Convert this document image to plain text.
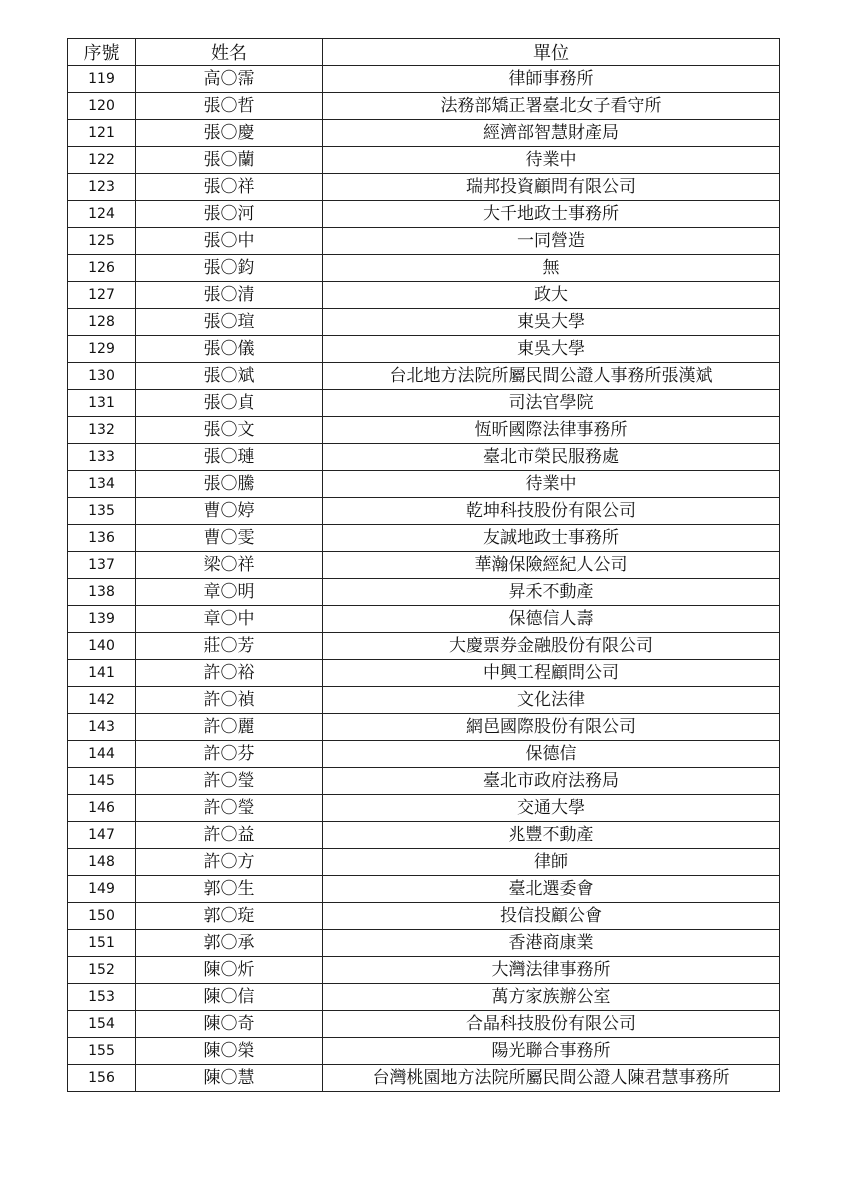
序號	姓名	單位
119	高〇霈	律師事務所
120	張〇哲	法務部矯正署臺北女子看守所
121	張〇慶	經濟部智慧財產局
122	張〇蘭	待業中
123	張〇祥	瑞邦投資顧問有限公司
124	張〇河	大千地政士事務所
125	張〇中	一同營造
126	張〇鈞	無
127	張〇清	政大
128	張〇瑄	東吳大學
129	張〇儀	東吳大學
130	張〇斌	台北地方法院所屬民間公證人事務所張漢斌
131	張〇貞	司法官學院
132	張〇文	恆昕國際法律事務所
133	張〇璉	臺北市榮民服務處
134	張〇騰	待業中
135	曹〇婷	乾坤科技股份有限公司
136	曹〇雯	友誠地政士事務所
137	梁〇祥	華瀚保險經紀人公司
138	章〇明	昇禾不動產
139	章〇中	保德信人壽
140	莊〇芳	大慶票券金融股份有限公司
141	許〇裕	中興工程顧問公司
142	許〇禎	文化法律
143	許〇麗	網邑國際股份有限公司
144	許〇芬	保德信
145	許〇瑩	臺北市政府法務局
146	許〇瑩	交通大學
147	許〇益	兆豐不動產
148	許〇方	律師
149	郭〇生	臺北選委會
150	郭〇琁	投信投顧公會
151	郭〇承	香港商康業
152	陳〇炘	大灣法律事務所
153	陳〇信	萬方家族辦公室
154	陳〇奇	合晶科技股份有限公司
155	陳〇榮	陽光聯合事務所
156	陳〇慧	台灣桃園地方法院所屬民間公證人陳君慧事務所
